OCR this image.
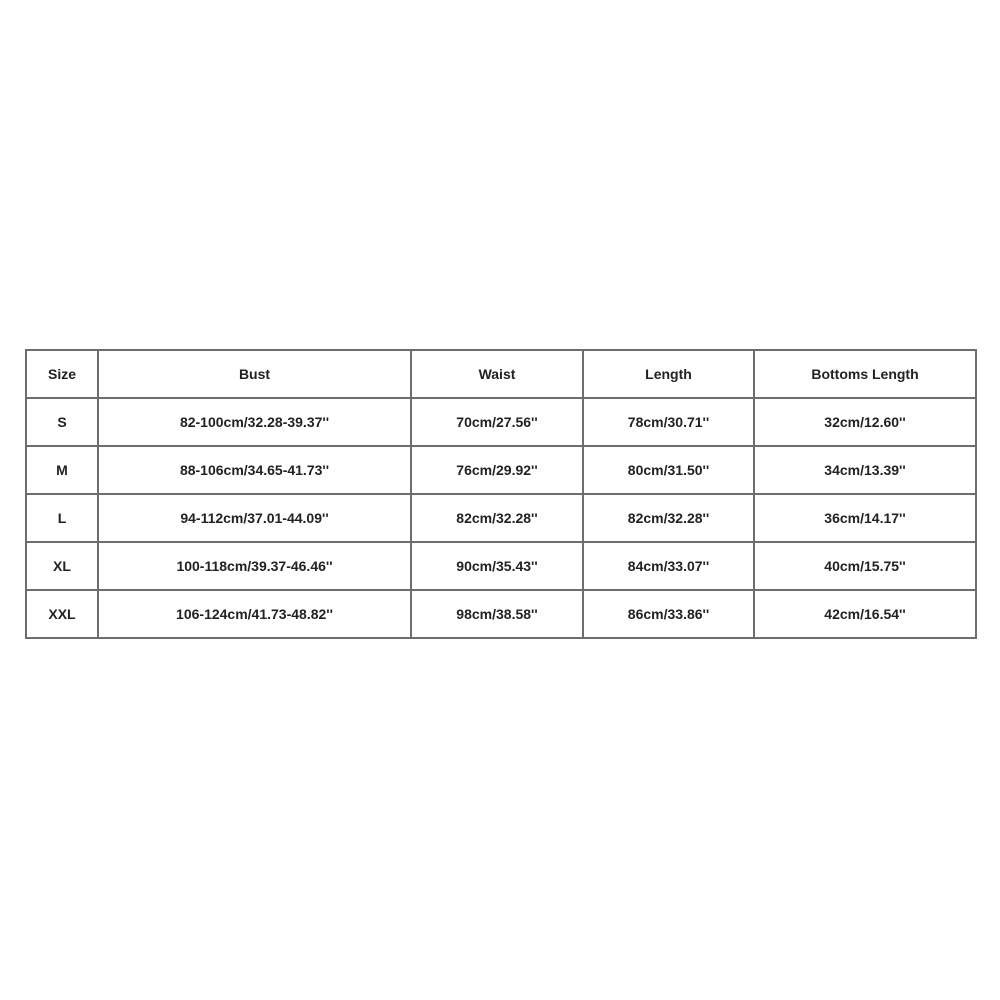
Size	Bust	Waist	Length	Bottoms Length
S	82-100cm/32.28-39.37''	70cm/27.56''	78cm/30.71''	32cm/12.60''
M	88-106cm/34.65-41.73''	76cm/29.92''	80cm/31.50''	34cm/13.39''
L	94-112cm/37.01-44.09''	82cm/32.28''	82cm/32.28''	36cm/14.17''
XL	100-118cm/39.37-46.46''	90cm/35.43''	84cm/33.07''	40cm/15.75''
XXL	106-124cm/41.73-48.82''	98cm/38.58''	86cm/33.86''	42cm/16.54''
